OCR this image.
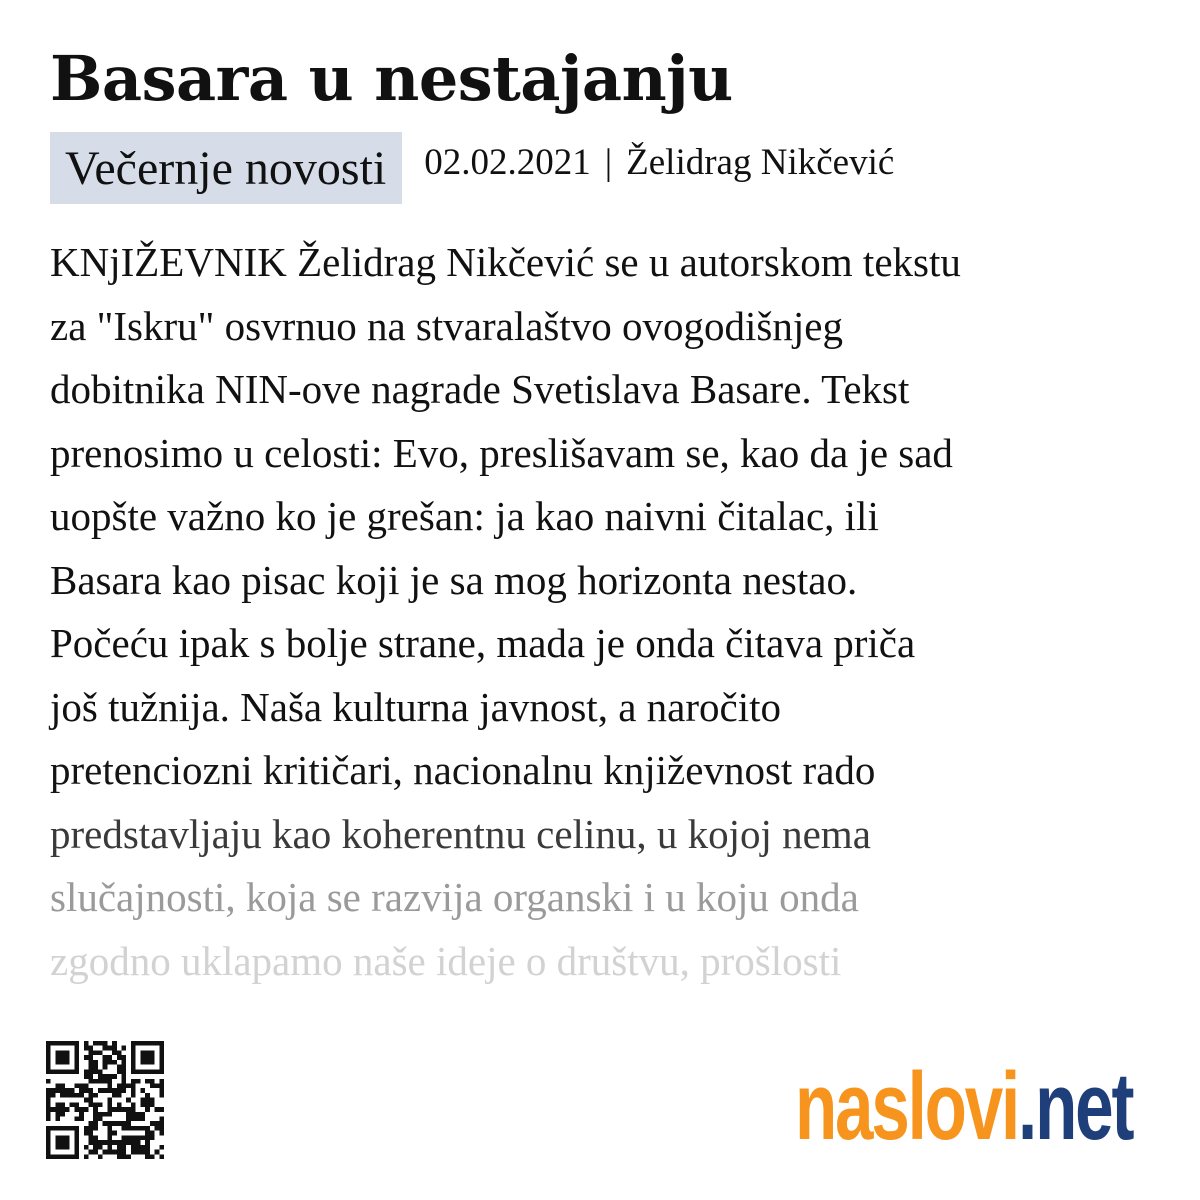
Basara u nestajanju
Večernje novosti	02.02.2021 | Želidrag Nikčević
KNjIŽEVNIK Želidrag Nikčević se u autorskom tekstu
za "Iskru" osvrnuo na stvaralaštvo ovogodišnjeg
dobitnika NIN-ove nagrade Svetislava Basare. Tekst
prenosimo u celosti: Evo, preslišavam se, kao da je sad
uopšte važno ko je grešan: ja kao naivni čitalac, ili
Basara kao pisac koji je sa mog horizonta nestao.
Počeću ipak s bolje strane, mada je onda čitava priča
još tužnija. Naša kulturna javnost, a naročito
pretenciozni kritičari, nacionalnu književnost rado
predstavljaju kao koherentnu celinu, u kojoj nema
slučajnosti, koja se razvija organski i u koju onda
zgodno uklapamo naše ideje o društvu, prošlosti
naslovi.net
